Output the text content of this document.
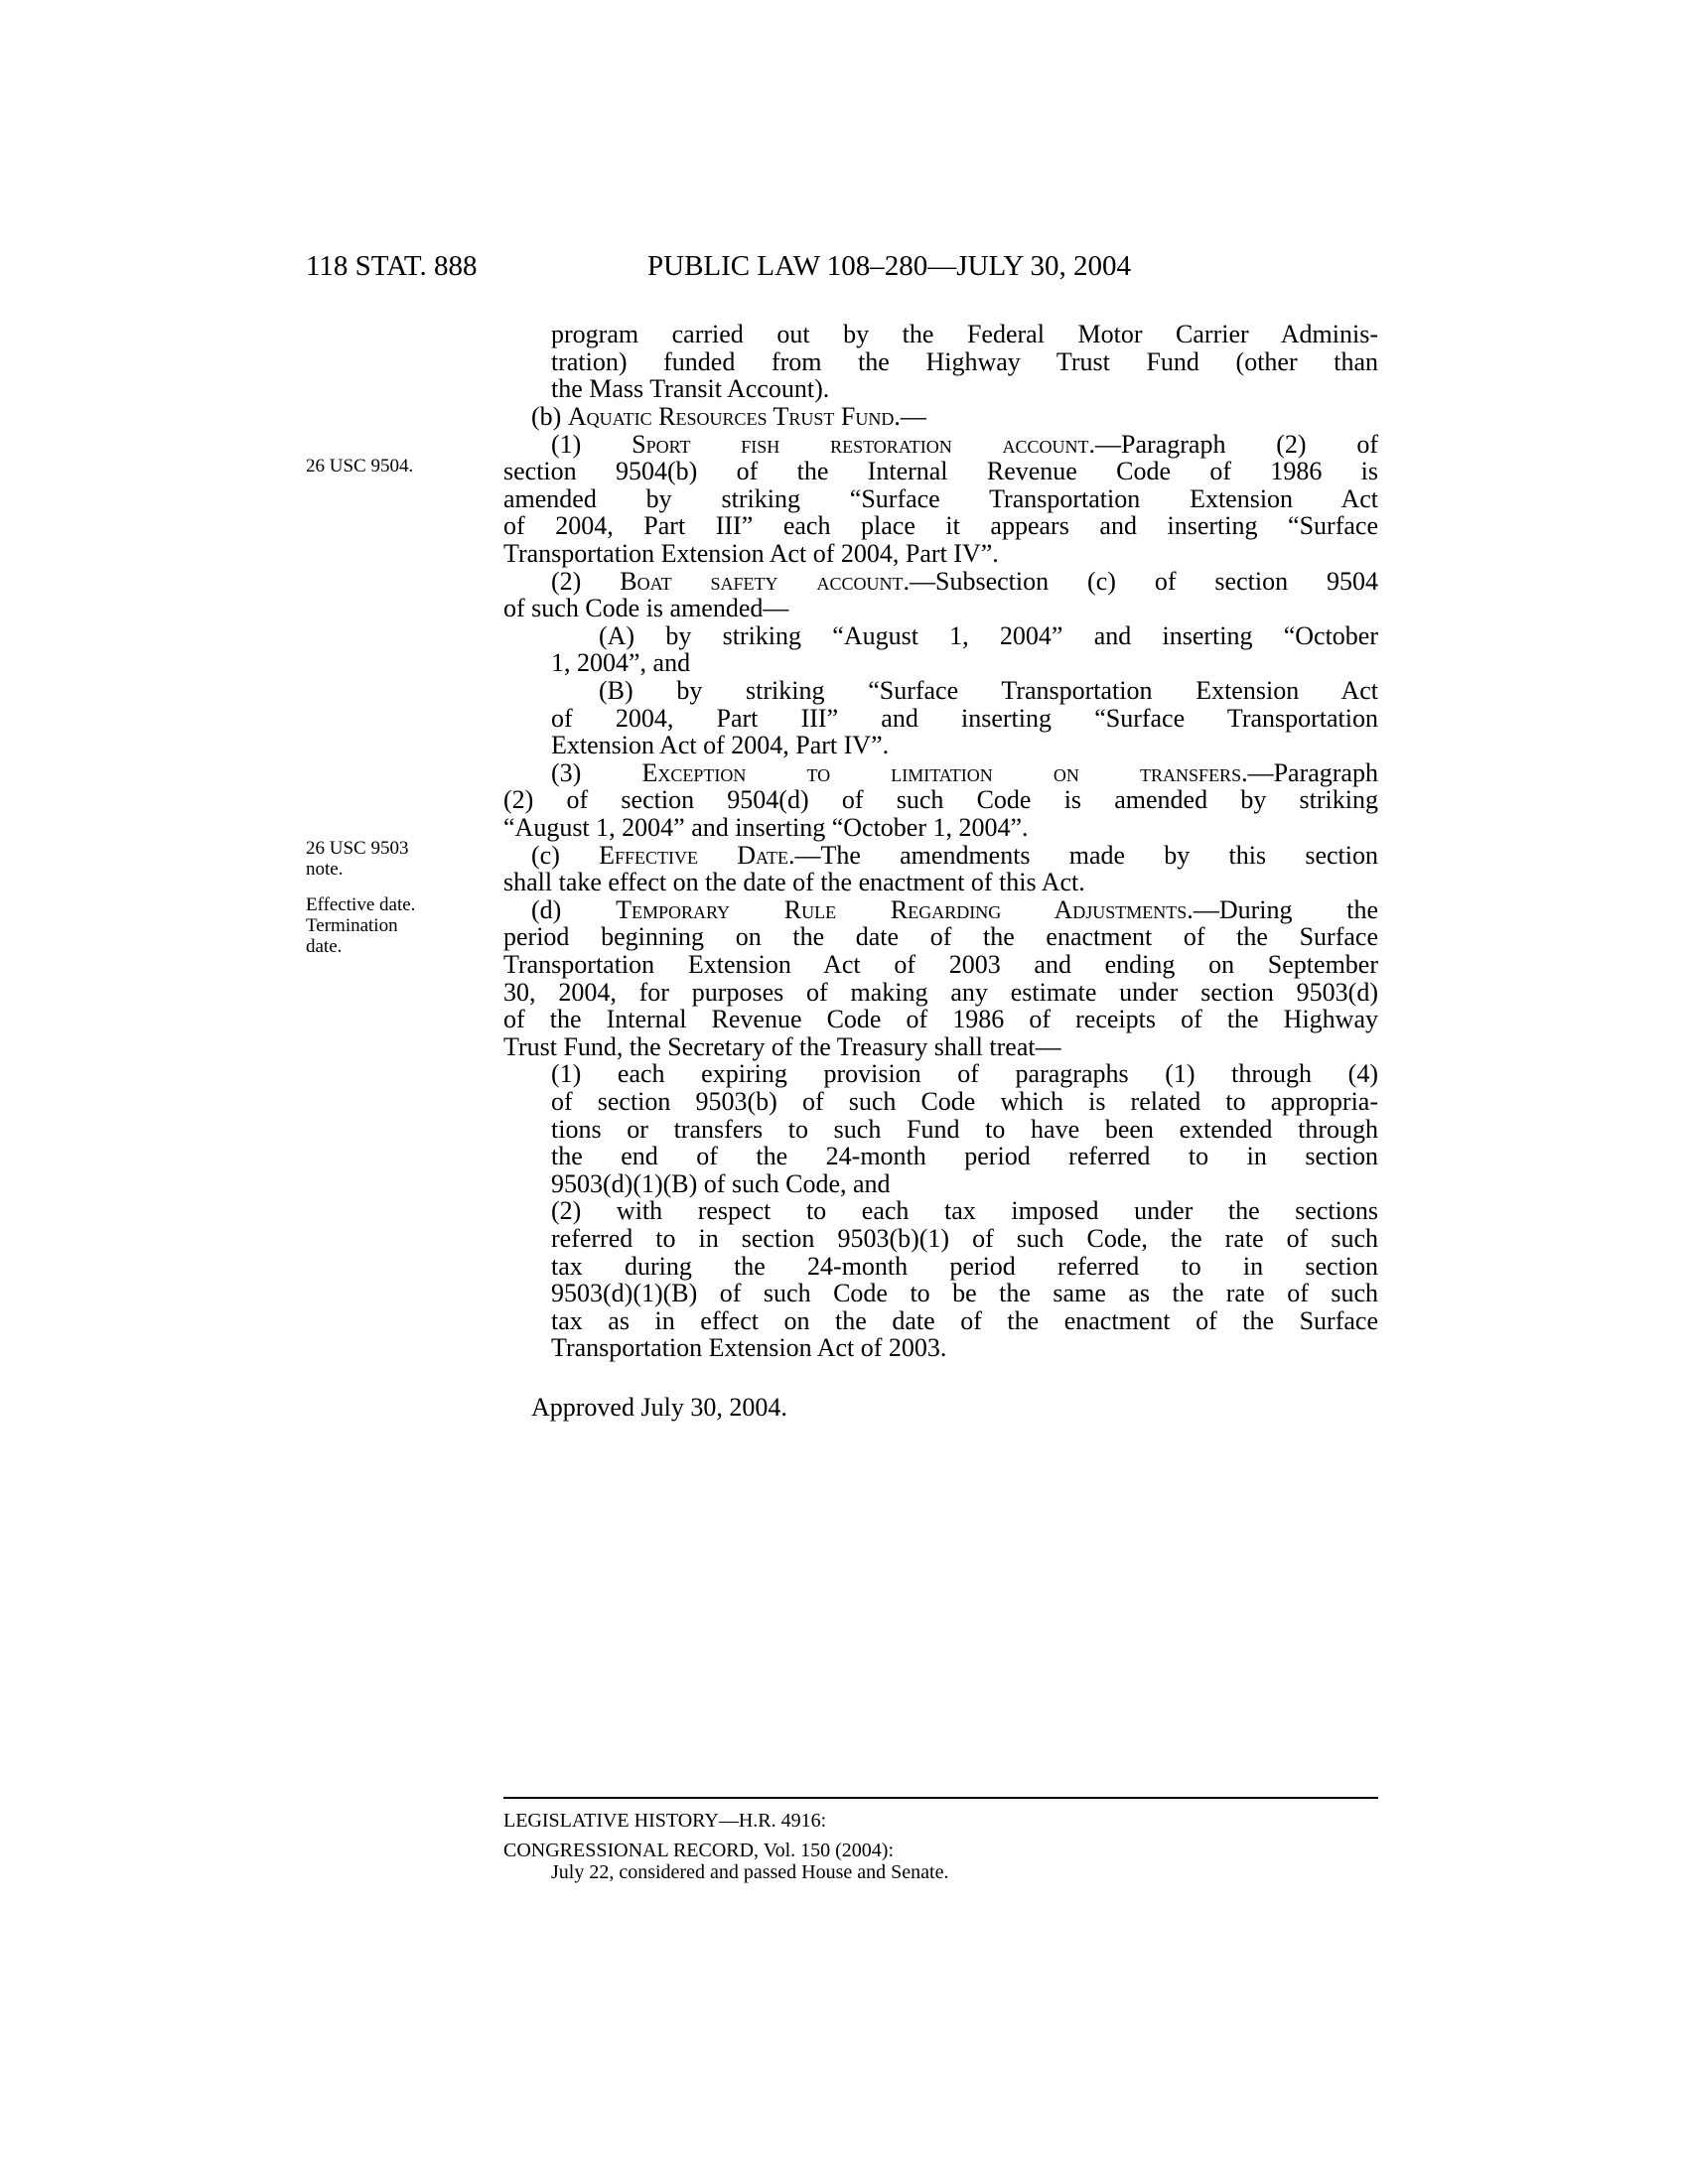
118 STAT. 888	PUBLIC LAW 108–280—JULY 30, 2004
26 USC 9504.
26 USC 9503
note.
Effective date.
Termination
date.
program carried out by the Federal Motor Carrier Adminis-
tration) funded from the Highway Trust Fund (other than
the Mass Transit Account).
(b) Aquatic Resources Trust Fund.—
(1) Sport fish restoration account.—Paragraph (2) of
section 9504(b) of the Internal Revenue Code of 1986 is
amended by striking “Surface Transportation Extension Act
of 2004, Part III” each place it appears and inserting “Surface
Transportation Extension Act of 2004, Part IV”.
(2) Boat safety account.—Subsection (c) of section 9504
of such Code is amended—
(A) by striking “August 1, 2004” and inserting “October
1, 2004”, and
(B) by striking “Surface Transportation Extension Act
of 2004, Part III” and inserting “Surface Transportation
Extension Act of 2004, Part IV”.
(3) Exception to limitation on transfers.—Paragraph
(2) of section 9504(d) of such Code is amended by striking
“August 1, 2004” and inserting “October 1, 2004”.
(c) Effective Date.—The amendments made by this section
shall take effect on the date of the enactment of this Act.
(d) Temporary Rule Regarding Adjustments.—During the
period beginning on the date of the enactment of the Surface
Transportation Extension Act of 2003 and ending on September
30, 2004, for purposes of making any estimate under section 9503(d)
of the Internal Revenue Code of 1986 of receipts of the Highway
Trust Fund, the Secretary of the Treasury shall treat—
(1) each expiring provision of paragraphs (1) through (4)
of section 9503(b) of such Code which is related to appropria-
tions or transfers to such Fund to have been extended through
the end of the 24-month period referred to in section
9503(d)(1)(B) of such Code, and
(2) with respect to each tax imposed under the sections
referred to in section 9503(b)(1) of such Code, the rate of such
tax during the 24-month period referred to in section
9503(d)(1)(B) of such Code to be the same as the rate of such
tax as in effect on the date of the enactment of the Surface
Transportation Extension Act of 2003.
Approved July 30, 2004.
LEGISLATIVE HISTORY—H.R. 4916:
CONGRESSIONAL RECORD, Vol. 150 (2004):
July 22, considered and passed House and Senate.
